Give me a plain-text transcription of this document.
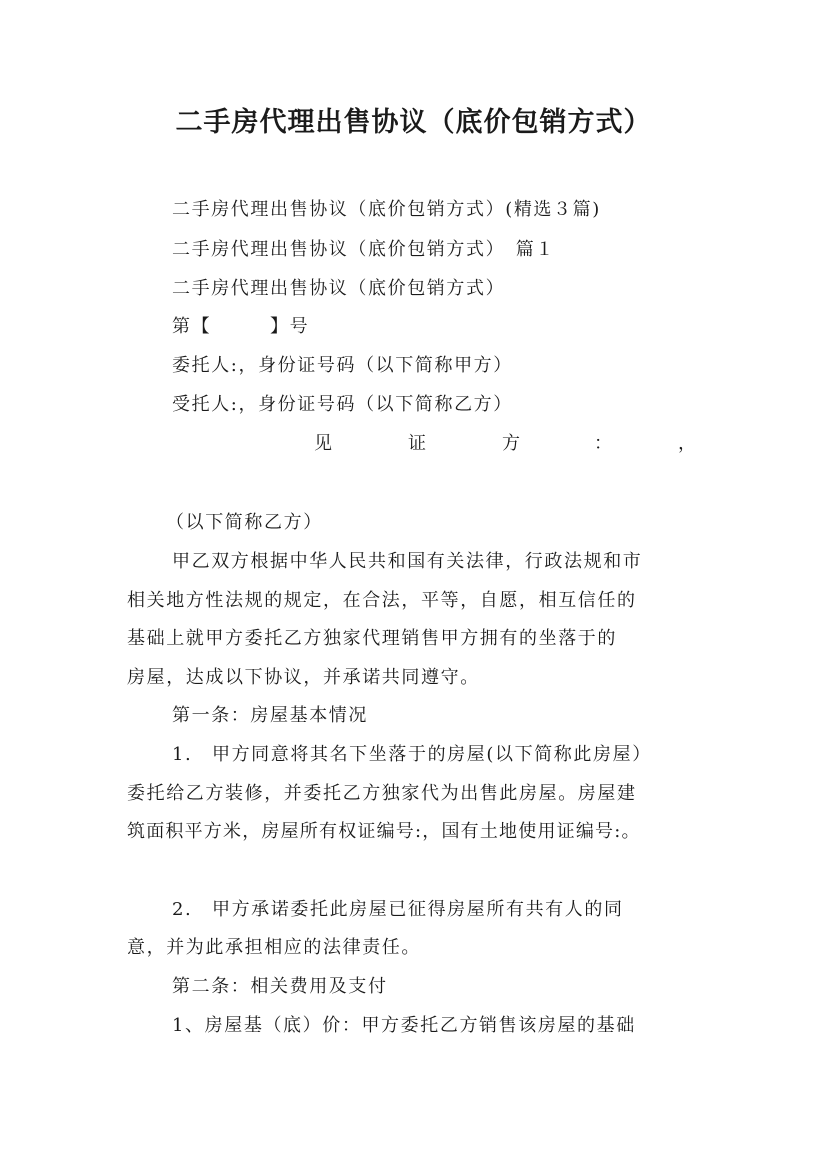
二手房代理出售协议（底价包销方式）
二手房代理出售协议（底价包销方式）(精选３篇)
二手房代理出售协议（底价包销方式）　篇１
二手房代理出售协议（底价包销方式）
第【　　　】号
委托人:，身份证号码（以下简称甲方）
受托人:，身份证号码（以下简称乙方）
见	证	方	：	，
（以下简称乙方）
甲乙双方根据中华人民共和国有关法律，行政法规和市
相关地方性法规的规定，在合法，平等，自愿，相互信任的
基础上就甲方委托乙方独家代理销售甲方拥有的坐落于的
房屋，达成以下协议，并承诺共同遵守。
第一条：房屋基本情况
1.　甲方同意将其名下坐落于的房屋(以下简称此房屋）
委托给乙方装修，并委托乙方独家代为出售此房屋。房屋建
筑面积平方米，房屋所有权证编号:，国有土地使用证编号:。
2.　甲方承诺委托此房屋已征得房屋所有共有人的同
意，并为此承担相应的法律责任。
第二条：相关费用及支付
1、房屋基（底）价：甲方委托乙方销售该房屋的基础
